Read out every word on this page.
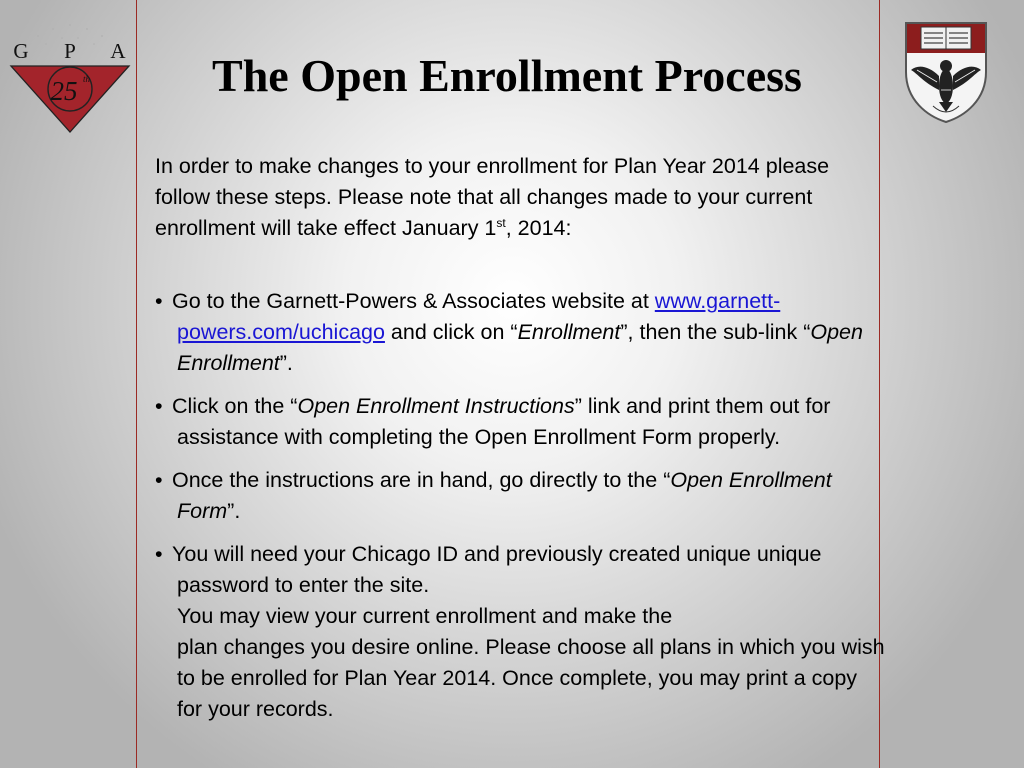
G P A
25 th	The Open Enrollment Process

In order to make changes to your enrollment for Plan Year 2014 please follow these steps. Please note that all changes made to your current enrollment will take effect January 1st, 2014:

• Go to the Garnett-Powers & Associates website at www.garnett-powers.com/uchicago and click on “Enrollment”, then the sub-link “Open Enrollment”.
• Click on the “Open Enrollment Instructions” link and print them out for assistance with completing the Open Enrollment Form properly.
• Once the instructions are in hand, go directly to the “Open Enrollment Form”.
• You will need your Chicago ID and previously created unique unique password to enter the site.
You may view your current enrollment and make the
plan changes you desire online. Please choose all plans in which you wish to be enrolled for Plan Year 2014. Once complete, you may print a copy for your records.
